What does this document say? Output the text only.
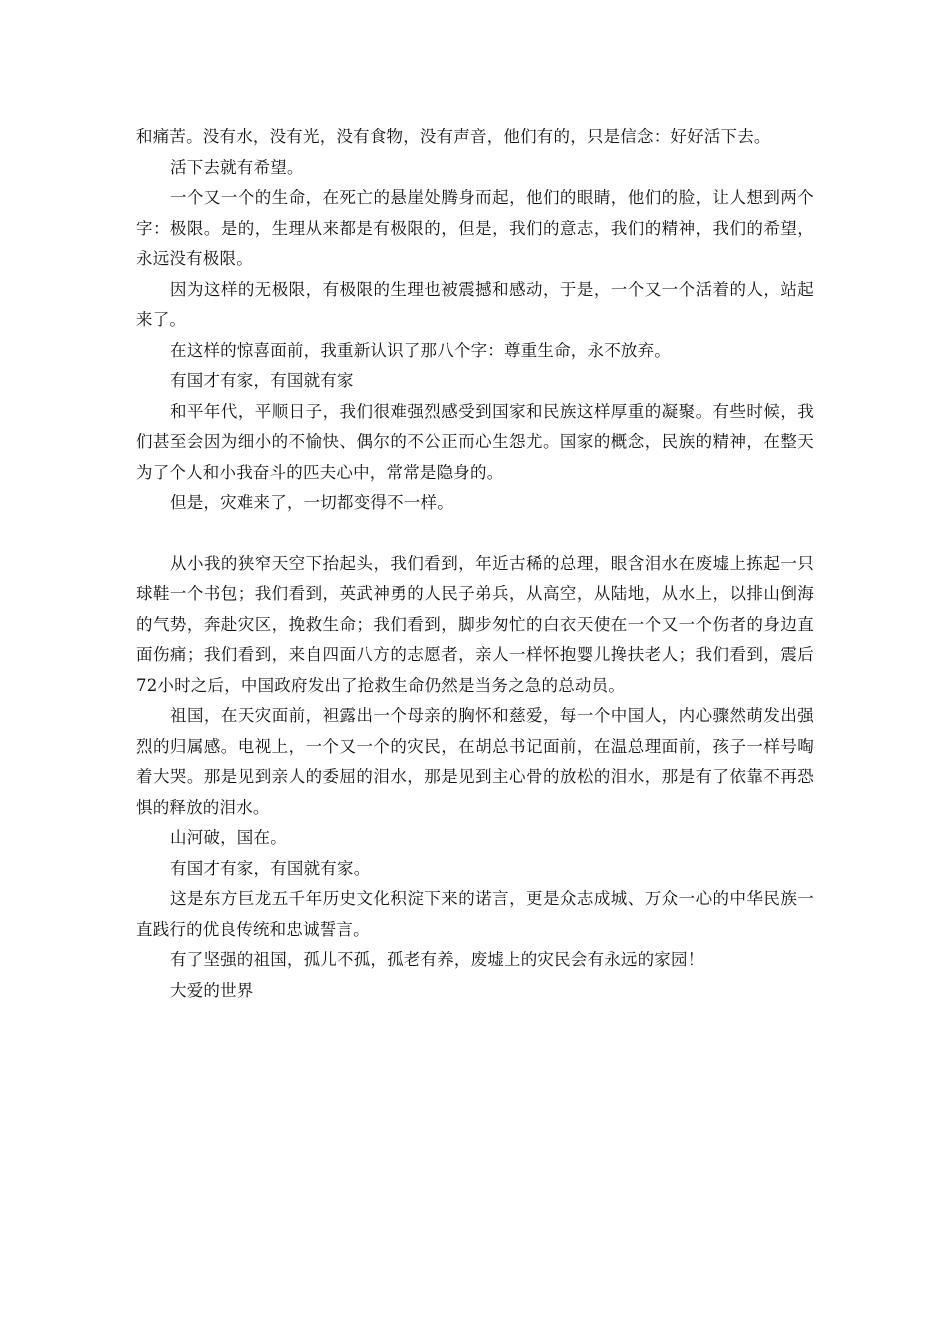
和痛苦。没有水，没有光，没有食物，没有声音，他们有的，只是信念：好好活下去。

活下去就有希望。

一个又一个的生命，在死亡的悬崖处腾身而起，他们的眼睛，他们的脸，让人想到两个字：极限。是的，生理从来都是有极限的，但是，我们的意志，我们的精神，我们的希望，永远没有极限。

因为这样的无极限，有极限的生理也被震撼和感动，于是，一个又一个活着的人，站起来了。

在这样的惊喜面前，我重新认识了那八个字：尊重生命，永不放弃。

有国才有家，有国就有家

和平年代，平顺日子，我们很难强烈感受到国家和民族这样厚重的凝聚。有些时候，我们甚至会因为细小的不愉快、偶尔的不公正而心生怨尤。国家的概念，民族的精神，在整天为了个人和小我奋斗的匹夫心中，常常是隐身的。

但是，灾难来了，一切都变得不一样。

从小我的狭窄天空下抬起头，我们看到，年近古稀的总理，眼含泪水在废墟上拣起一只球鞋一个书包；我们看到，英武神勇的人民子弟兵，从高空，从陆地，从水上，以排山倒海的气势，奔赴灾区，挽救生命；我们看到，脚步匆忙的白衣天使在一个又一个伤者的身边直面伤痛；我们看到，来自四面八方的志愿者，亲人一样怀抱婴儿搀扶老人；我们看到，震后72小时之后，中国政府发出了抢救生命仍然是当务之急的总动员。

祖国，在天灾面前，袒露出一个母亲的胸怀和慈爱，每一个中国人，内心骤然萌发出强烈的归属感。电视上，一个又一个的灾民，在胡总书记面前，在温总理面前，孩子一样号啕着大哭。那是见到亲人的委屈的泪水，那是见到主心骨的放松的泪水，那是有了依靠不再恐惧的释放的泪水。

山河破，国在。

有国才有家，有国就有家。

这是东方巨龙五千年历史文化积淀下来的诺言，更是众志成城、万众一心的中华民族一直践行的优良传统和忠诚誓言。

有了坚强的祖国，孤儿不孤，孤老有养，废墟上的灾民会有永远的家园！

大爱的世界
